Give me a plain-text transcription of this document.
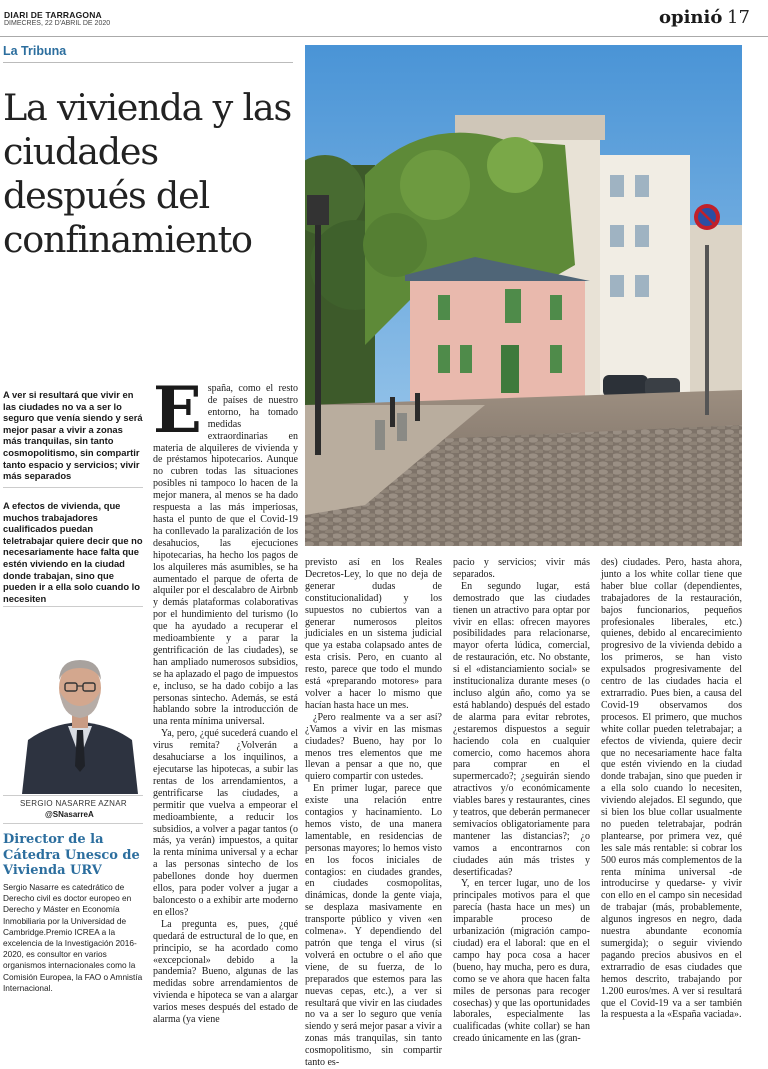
DIARI DE TARRAGONA
DIMECRES, 22 D'ABRIL DE 2020	opinió 17
La Tribuna
La vivienda y las ciudades después del confinamiento
A ver si resultará que vivir en las ciudades no va a ser lo seguro que venía siendo y será mejor pasar a vivir a zonas más tranquilas, sin tanto cosmopolitismo, sin compartir tanto espacio y servicios; vivir más separados
A efectos de vivienda, que muchos trabajadores cualificados puedan teletrabajar quiere decir que no necesariamente hace falta que estén viviendo en la ciudad donde trabajan, sino que pueden ir a ella solo cuando lo necesiten
SERGIO NASARRE AZNAR
@SNasarreA
Director de la Cátedra Unesco de Vivienda URV
Sergio Nasarre es catedrático de Derecho civil es doctor europeo en Derecho y Máster en Economía Inmobiliaria por la Universidad de Cambridge.Premio ICREA a la excelencia de la Investigación 2016-2020, es consultor en varios organismos internacionales como la Comisión Europea, la FAO o Amnistía Internacional.

España, como el resto de países de nuestro entorno, ha tomado medidas extraordinarias en materia de alquileres de vivienda y de préstamos hipotecarios. Aunque no cubren todas las situaciones posibles ni tampoco lo hacen de la mejor manera, al menos se ha dado respuesta a las más imperiosas, hasta el punto de que el Covid-19 ha conllevado la paralización de los desahucios, las ejecuciones hipotecarias, ha hecho los pagos de los alquileres más asumibles, se ha aumentado el parque de oferta de alquiler por el descalabro de Airbnb y demás plataformas colaborativas por el hundimiento del turismo (lo que ha ayudado a recuperar el medioambiente y a parar la gentrificación de las ciudades), se han ampliado numerosos subsidios, se ha aplazado el pago de impuestos e, incluso, se ha dado cobijo a las personas sintecho. Además, se está hablando sobre la introducción de una renta mínima universal.

Ya, pero, ¿qué sucederá cuando el virus remita? ¿Volverán a desahuciarse a los inquilinos, a ejecutarse las hipotecas, a subir las rentas de los arrendamientos, a gentrificarse las ciudades, a permitir que vuelva a empeorar el medioambiente, a reducir los subsidios, a volver a pagar tantos (o más, ya verán) impuestos, a quitar la renta mínima universal y a echar a las personas sintecho de los pabellones donde hoy duermen ellos, para poder volver a jugar a baloncesto o a exhibir arte moderno en ellos?

La pregunta es, pues, ¿qué quedará de estructural de lo que, en principio, se ha acordado como «excepcional» debido a la pandemia? Bueno, algunas de las medidas sobre arrendamientos de vivienda e hipoteca se van a alargar varios meses después del estado de alarma (ya viene

previsto así en los Reales Decretos-Ley, lo que no deja de generar dudas de constitucionalidad) y los supuestos no cubiertos van a generar numerosos pleitos judiciales en un sistema judicial que ya estaba colapsado antes de esta crisis. Pero, en cuanto al resto, parece que todo el mundo está «preparando motores» para volver a hacer lo mismo que hacían hasta hace un mes.

¿Pero realmente va a ser así? ¿Vamos a vivir en las mismas ciudades? Bueno, hay por lo menos tres elementos que me llevan a pensar a que no, que quiero compartir con ustedes.

En primer lugar, parece que existe una relación entre contagios y hacinamiento. Lo hemos visto, de una manera lamentable, en residencias de personas mayores; lo hemos visto en los focos iniciales de contagios: en ciudades grandes, en ciudades cosmopolitas, dinámicas, donde la gente viaja, se desplaza masivamente en transporte público y viven «en colmena». Y dependiendo del patrón que tenga el virus (si volverá en octubre o el año que viene, de su fuerza, de lo preparados que estemos para las nuevas cepas, etc.), a ver si resultará que vivir en las ciudades no va a ser lo seguro que venía siendo y será mejor pasar a vivir a zonas más tranquilas, sin tanto cosmopolitismo, sin compartir tanto es-

pacio y servicios; vivir más separados.

En segundo lugar, está demostrado que las ciudades tienen un atractivo para optar por vivir en ellas: ofrecen mayores posibilidades para relacionarse, mayor oferta lúdica, comercial, de restauración, etc. No obstante, si el «distanciamiento social» se institucionaliza durante meses (o incluso algún año, como ya se está hablando) después del estado de alarma para evitar rebrotes, ¿estaremos dispuestos a seguir haciendo cola en cualquier comercio, como hacemos ahora para comprar en el supermercado?; ¿seguirán siendo atractivos y/o económicamente viables bares y restaurantes, cines y teatros, que deberán permanecer semivacíos obligatoriamente para mantener las distancias?; ¿o vamos a encontrarnos con ciudades aún más tristes y desertificadas?

Y, en tercer lugar, uno de los principales motivos para el que parecía (hasta hace un mes) un imparable proceso de urbanización (migración campo-ciudad) era el laboral: que en el campo hay poca cosa a hacer (bueno, hay mucha, pero es dura, como se ve ahora que hacen falta miles de personas para recoger cosechas) y que las oportunidades laborales, especialmente las cualificadas (white collar) se han creado únicamente en las (gran-

des) ciudades. Pero, hasta ahora, junto a los white collar tiene que haber blue collar (dependientes, trabajadores de la restauración, bajos funcionarios, pequeños profesionales liberales, etc.) quienes, debido al encarecimiento progresivo de la vivienda debido a los primeros, se han visto expulsados progresivamente del centro de las ciudades hacia el extrarradio. Pues bien, a causa del Covid-19 observamos dos procesos. El primero, que muchos white collar pueden teletrabajar; a efectos de vivienda, quiere decir que no necesariamente hace falta que estén viviendo en la ciudad donde trabajan, sino que pueden ir a ella solo cuando lo necesiten, viviendo alejados. El segundo, que si bien los blue collar usualmente no pueden teletrabajar, podrán plantearse, por primera vez, qué les sale más rentable: si cobrar los 500 euros más complementos de la renta mínima universal -de introducirse y quedarse- y vivir con ello en el campo sin necesidad de trabajar (más, probablemente, algunos ingresos en negro, dada nuestra abundante economía sumergida); o seguir viviendo pagando precios abusivos en el extrarradio de esas ciudades que hemos descrito, trabajando por 1.200 euros/mes. A ver si resultará que el Covid-19 va a ser también la respuesta a la «España vaciada».
